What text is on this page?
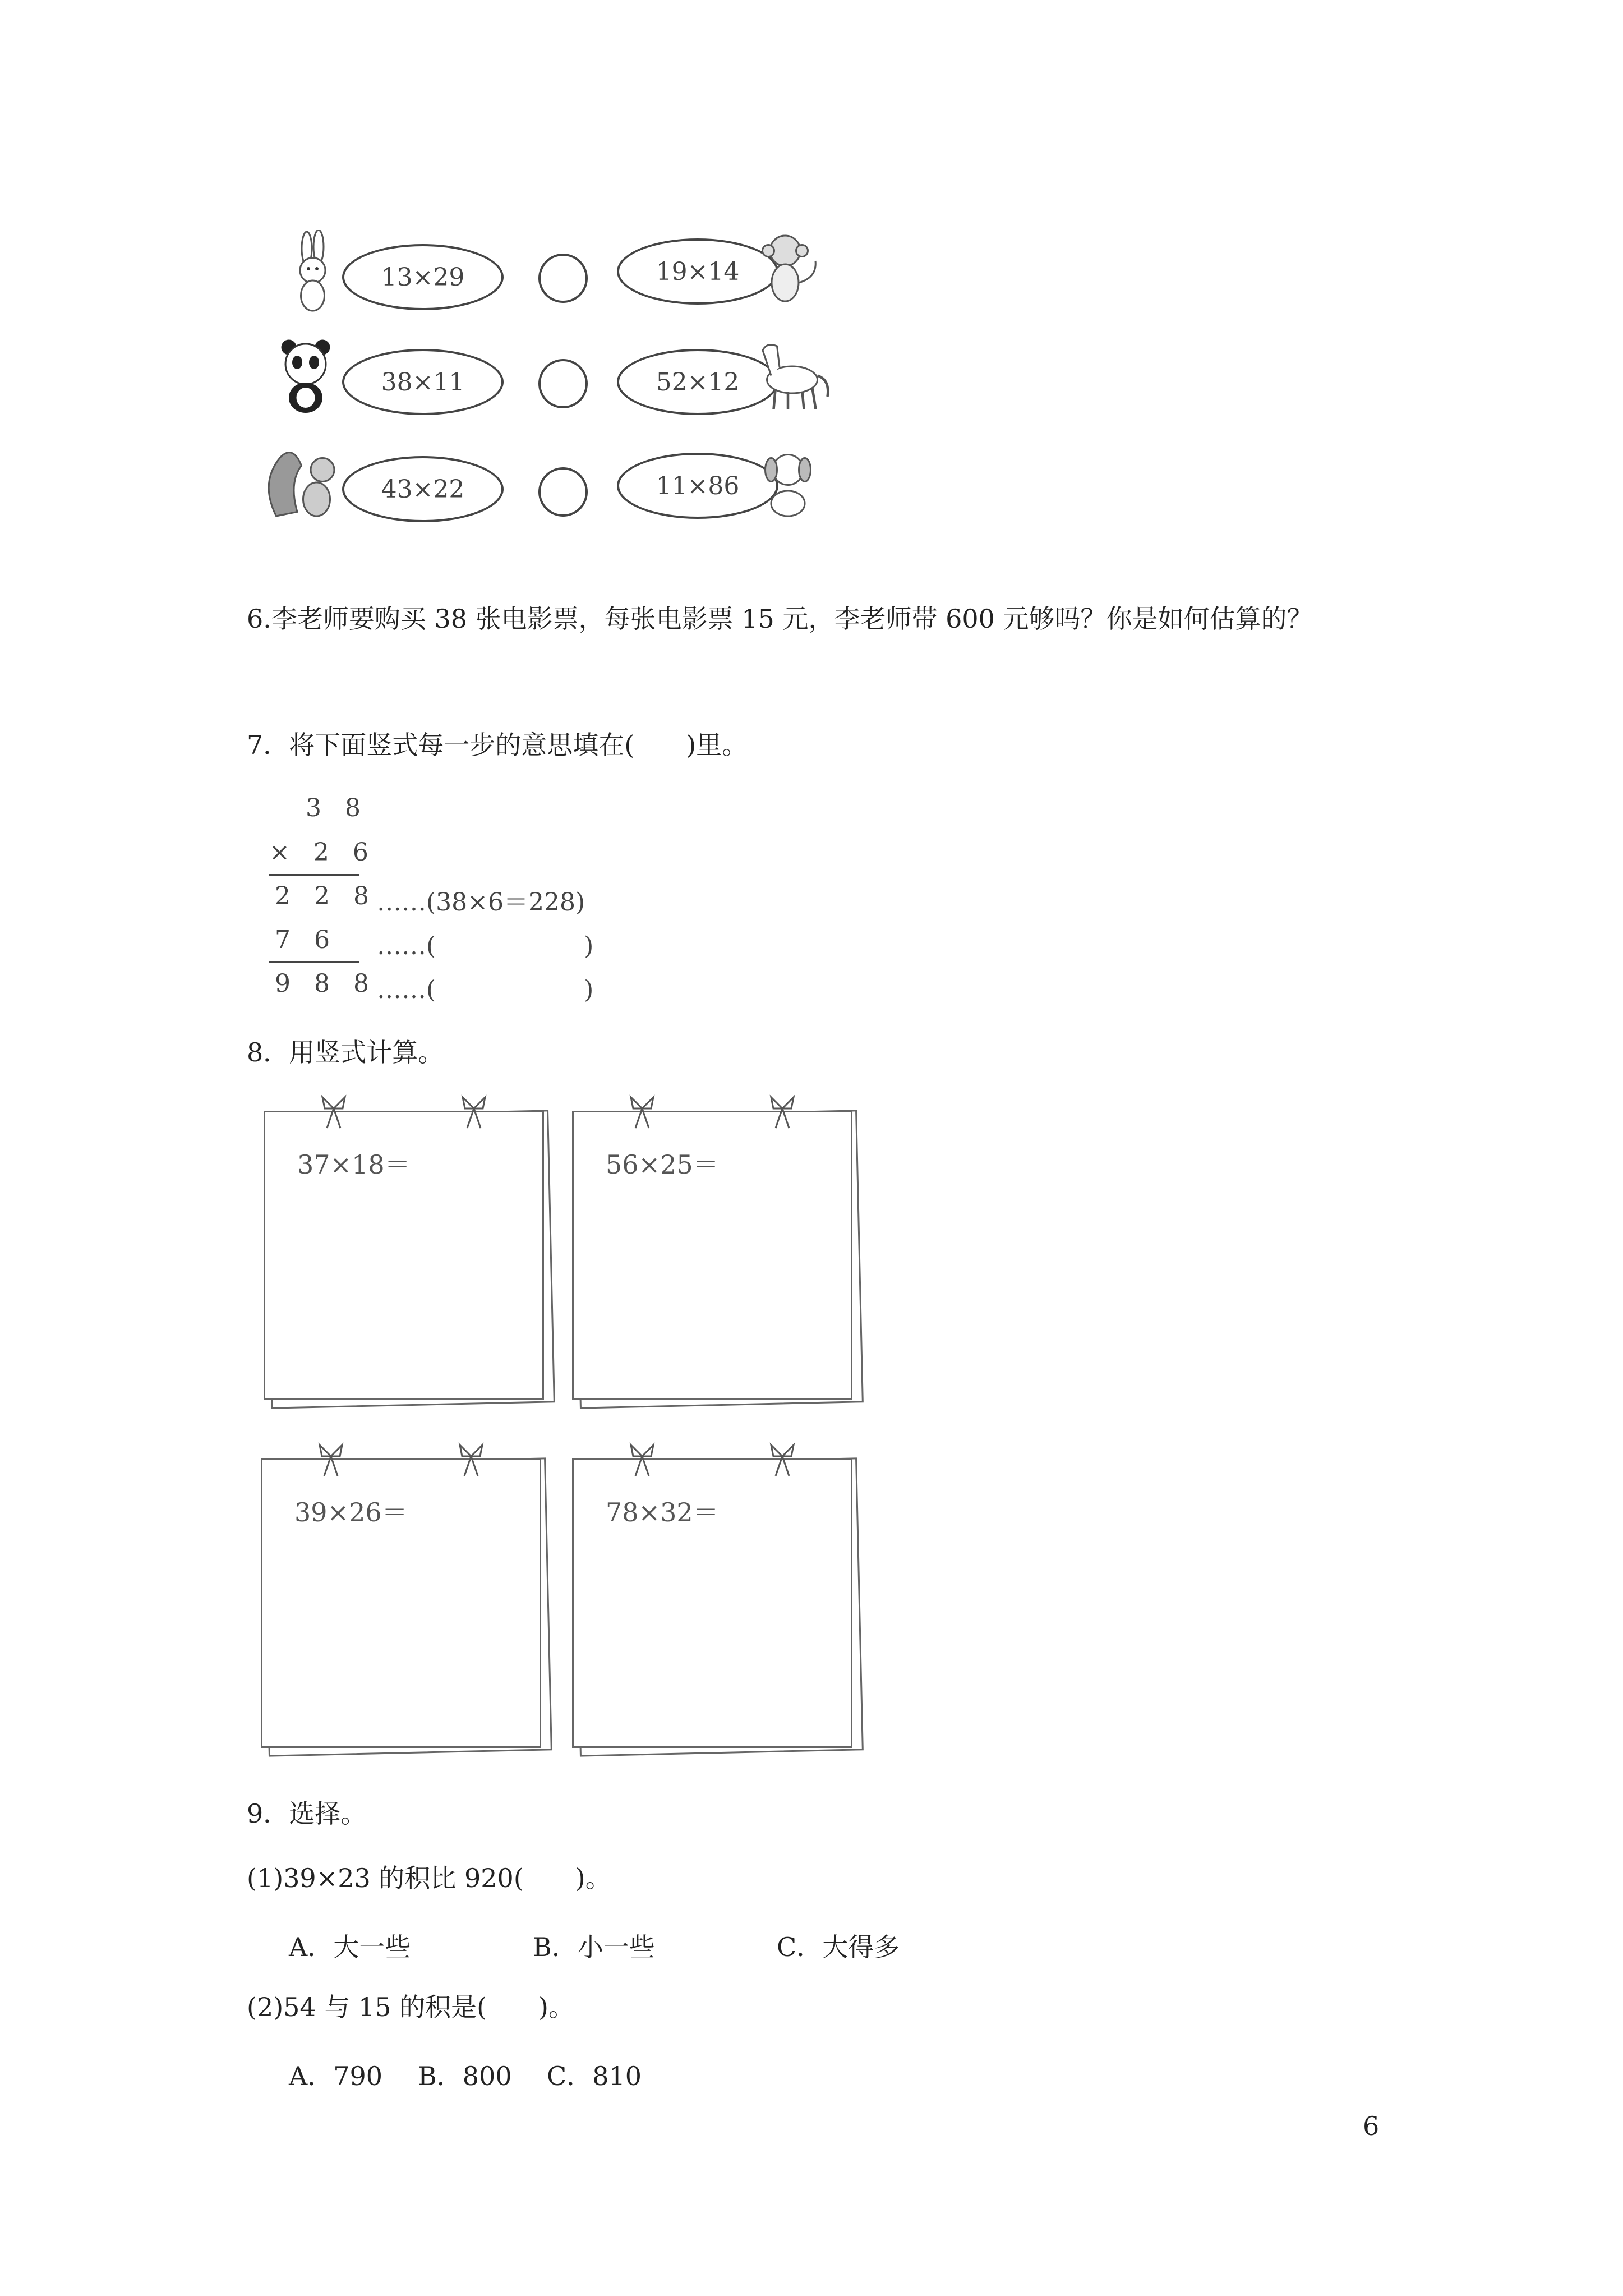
13×29	19×14
38×11	52×12
43×22	11×86
6.李老师要购买 38 张电影票，每张电影票 15 元，李老师带 600 元够吗？你是如何估算的？
7．将下面竖式每一步的意思填在(　　)里。
3 8
× 2 6
2 2 8 ……(38×6＝228)
7 6 ……(　　　　　　)
9 8 8 ……(　　　　　　)
8．用竖式计算。
37×18＝	56×25＝
39×26＝	78×32＝
9．选择。
(1)39×23 的积比 920(　　)。
A．大一些	B．小一些	C．大得多
(2)54 与 15 的积是(　　)。
A．790 B．800 C．810
6
